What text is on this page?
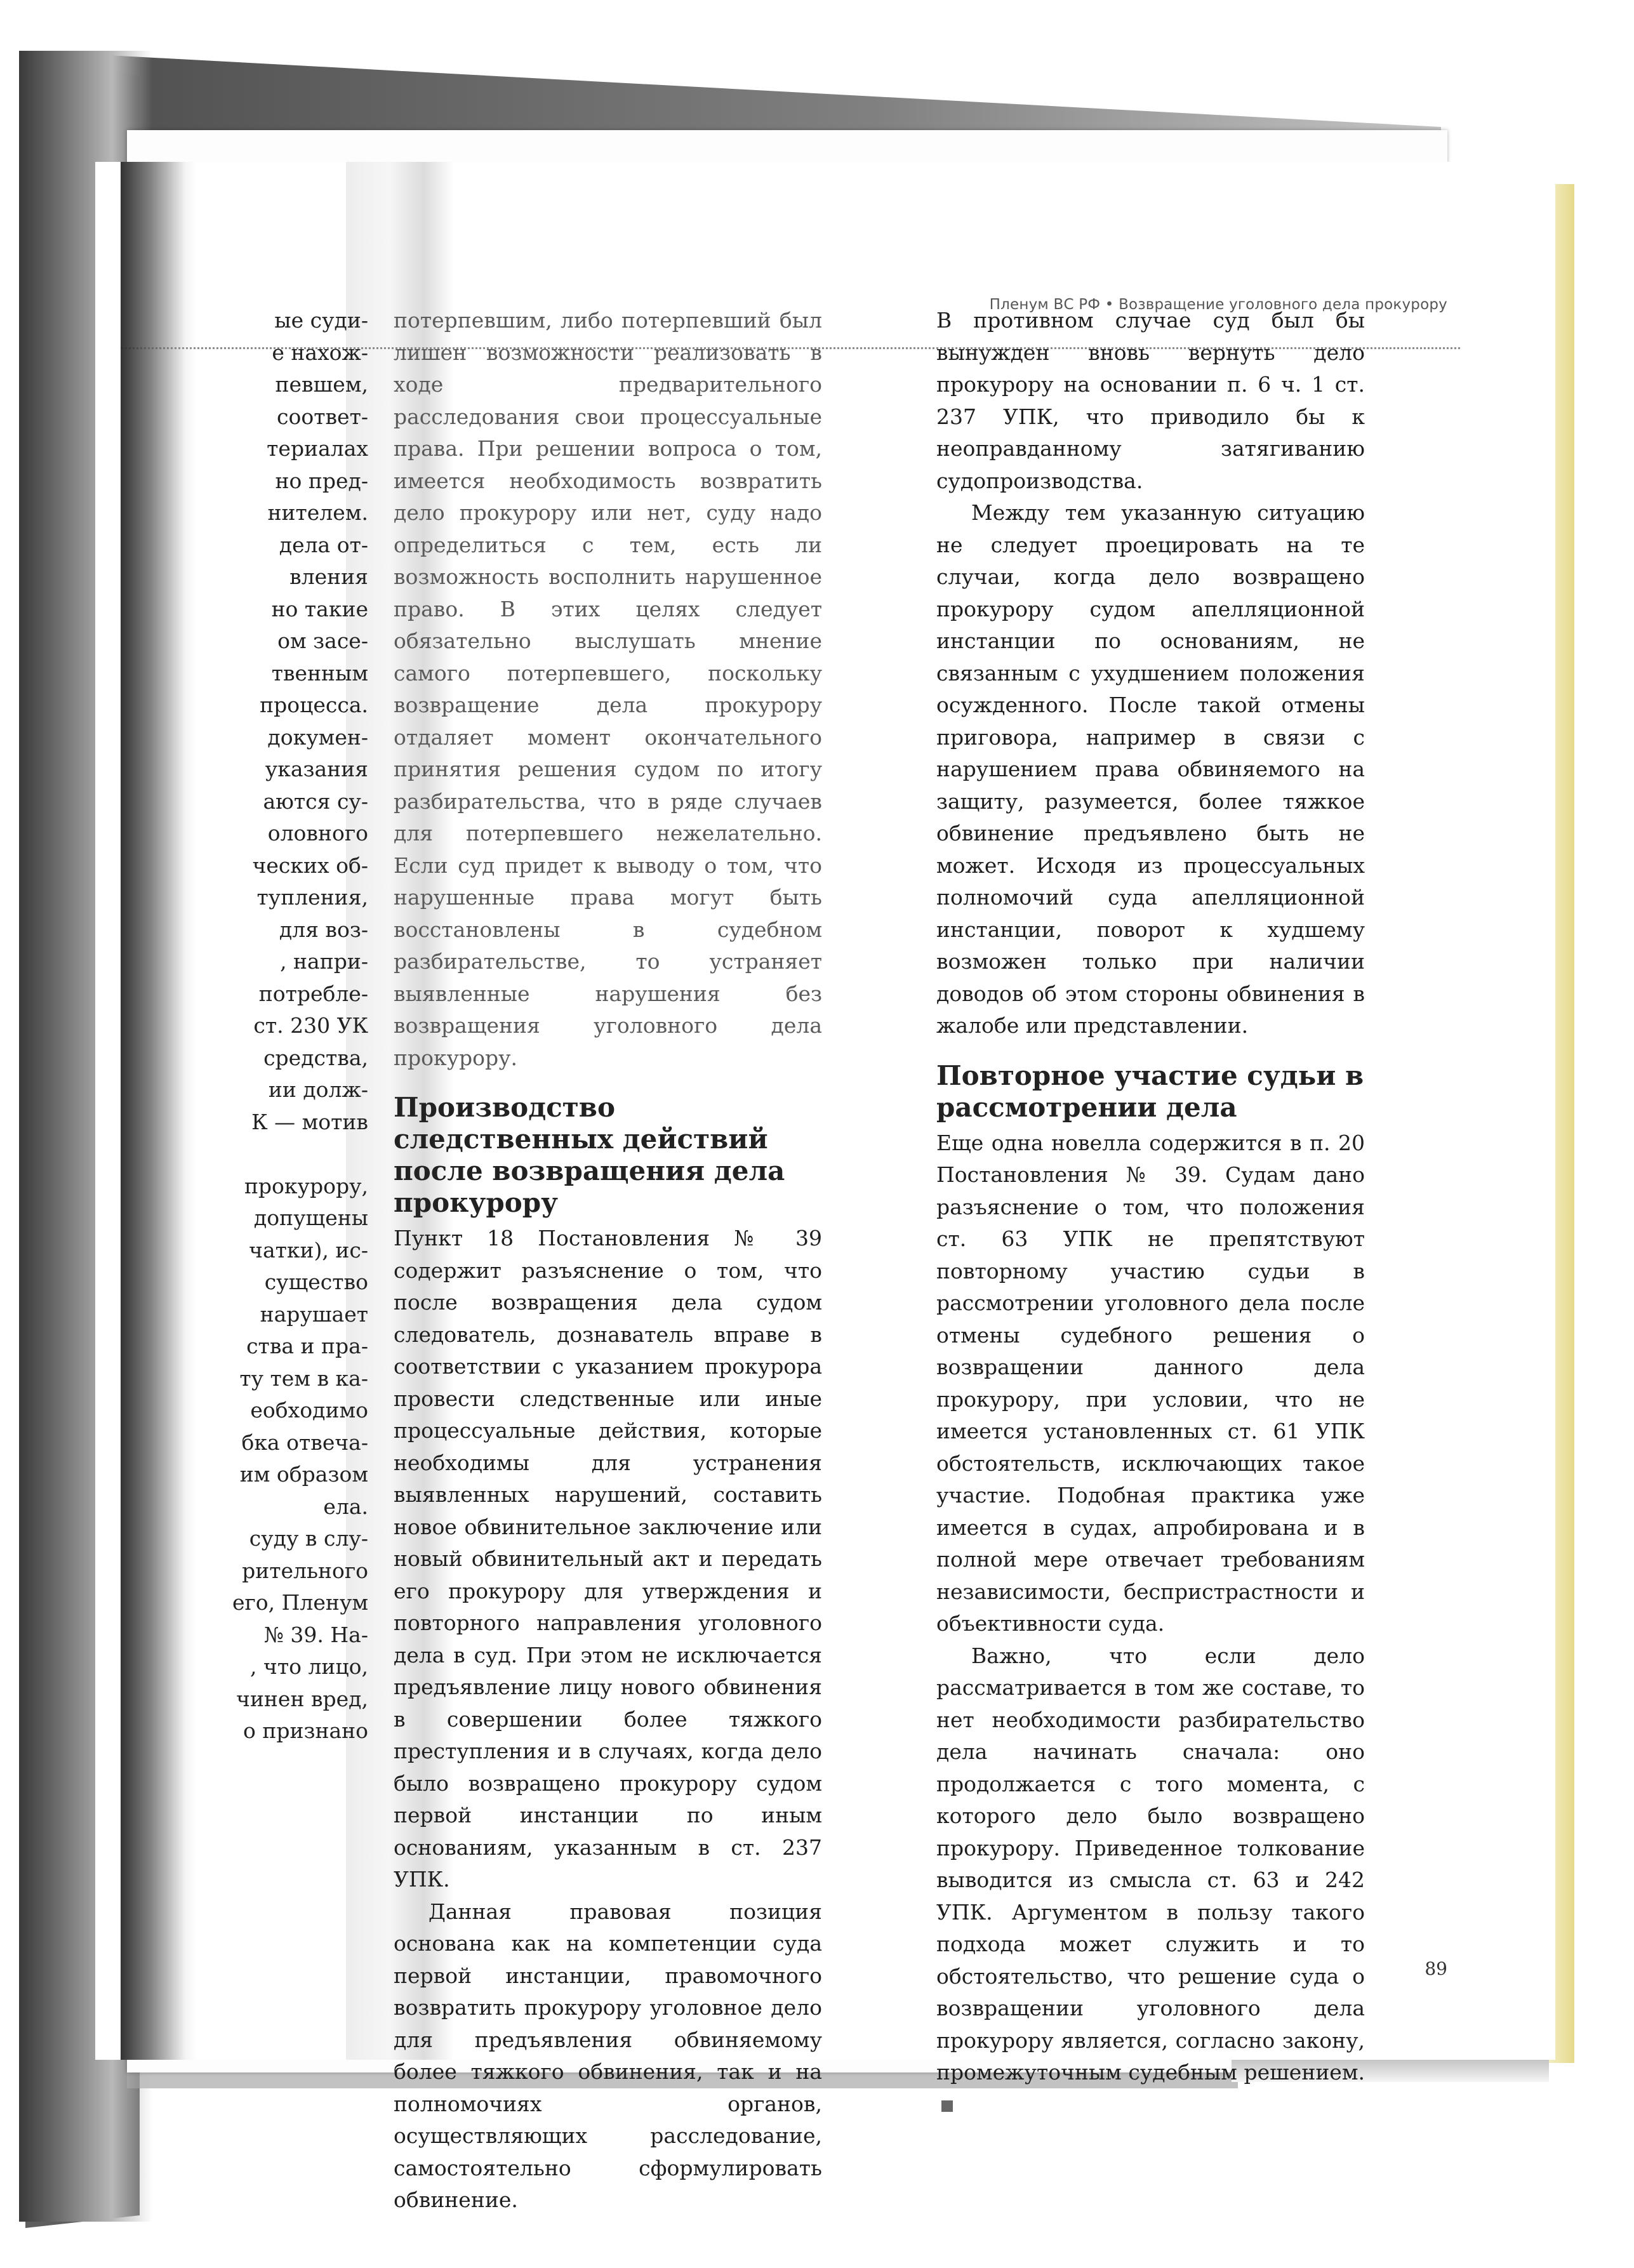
Пленум ВС РФ • Возвращение уголовного дела прокурору
ые суди-
е нахож-
певшем,
соответ-
териалах
но пред-
нителем.
дела от-
вления
но такие
ом засе-
твенным
процесса.
докумен-
указания
аются су-
оловного
ческих об-
тупления,
для воз-
, напри-
потребле-
ст. 230 УК
средства,
ии долж-
К — мотив
прокурору,
допущены
чатки), ис-
существо
нарушает
ства и пра-
ту тем в ка-
еобходимо
бка отвеча-
им образом
ела.
суду в слу-
рительного
его, Пленум
№ 39. На-
, что лицо,
чинен вред,
о признано

потерпевшим, либо потерпевший был лишен возможности реализовать в ходе предварительного расследования свои процессуальные права. При решении вопроса о том, имеется необходимость возвратить дело прокурору или нет, суду надо определиться с тем, есть ли возможность восполнить нарушенное право. В этих целях следует обязательно выслушать мнение самого потерпевшего, поскольку возвращение дела прокурору отдаляет момент окончательного принятия решения судом по итогу разбирательства, что в ряде случаев для потерпевшего нежелательно. Если суд придет к выводу о том, что нарушенные права могут быть восстановлены в судебном разбирательстве, то устраняет выявленные нарушения без возвращения уголовного дела прокурору.

Производство следственных действий после возвращения дела прокурору

Пункт 18 Постановления № 39 содержит разъяснение о том, что после возвращения дела судом следователь, дознаватель вправе в соответствии с указанием прокурора провести следственные или иные процессуальные действия, которые необходимы для устранения выявленных нарушений, составить новое обвинительное заключение или новый обвинительный акт и передать его прокурору для утверждения и повторного направления уголовного дела в суд. При этом не исключается предъявление лицу нового обвинения в совершении более тяжкого преступления и в случаях, когда дело было возвращено прокурору судом первой инстанции по иным основаниям, указанным в ст. 237 УПК.

Данная правовая позиция основана как на компетенции суда первой инстанции, правомочного возвратить прокурору уголовное дело для предъявления обвиняемому более тяжкого обвинения, так и на полномочиях органов, осуществляющих расследование, самостоятельно сформулировать обвинение.

В противном случае суд был бы вынужден вновь вернуть дело прокурору на основании п. 6 ч. 1 ст. 237 УПК, что приводило бы к неоправданному затягиванию судопроизводства.

Между тем указанную ситуацию не следует проецировать на те случаи, когда дело возвращено прокурору судом апелляционной инстанции по основаниям, не связанным с ухудшением положения осужденного. После такой отмены приговора, например в связи с нарушением права обвиняемого на защиту, разумеется, более тяжкое обвинение предъявлено быть не может. Исходя из процессуальных полномочий суда апелляционной инстанции, поворот к худшему возможен только при наличии доводов об этом стороны обвинения в жалобе или представлении.

Повторное участие судьи в рассмотрении дела

Еще одна новелла содержится в п. 20 Постановления № 39. Судам дано разъяснение о том, что положения ст. 63 УПК не препятствуют повторному участию судьи в рассмотрении уголовного дела после отмены судебного решения о возвращении данного дела прокурору, при условии, что не имеется установленных ст. 61 УПК обстоятельств, исключающих такое участие. Подобная практика уже имеется в судах, апробирована и в полной мере отвечает требованиям независимости, беспристрастности и объективности суда.

Важно, что если дело рассматривается в том же составе, то нет необходимости разбирательство дела начинать сначала: оно продолжается с того момента, с которого дело было возвращено прокурору. Приведенное толкование выводится из смысла ст. 63 и 242 УПК. Аргументом в пользу такого подхода может служить и то обстоятельство, что решение суда о возвращении уголовного дела прокурору является, согласно закону, промежуточным судебным решением.

89
